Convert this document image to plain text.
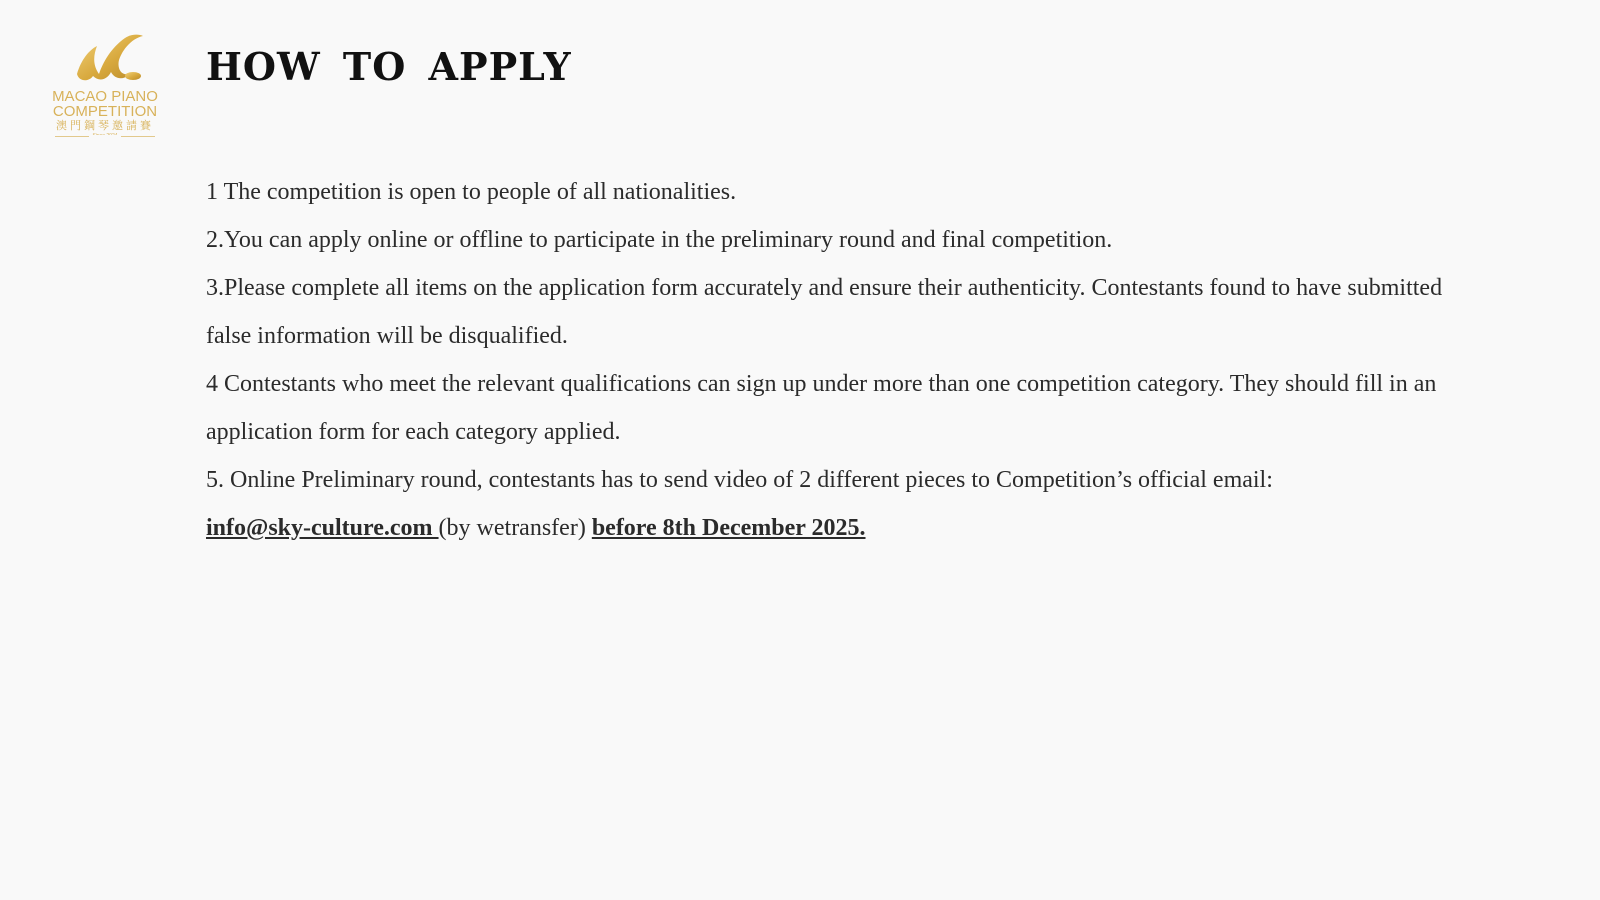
MACAO PIANO
COMPETITION
澳門鋼琴邀請賽
HOW TO APPLY

1 The competition is open to people of all nationalities.

2.You can apply online or offline to participate in the preliminary round and final competition.

3.Please complete all items on the application form accurately and ensure their authenticity. Contestants found to have submitted false information will be disqualified.

4 Contestants who meet the relevant qualifications can sign up under more than one competition category. They should fill in an application form for each category applied.

5. Online Preliminary round, contestants has to send video of 2 different pieces to Competition’s official email:

info@sky-culture.com (by wetransfer) before 8th December 2025.
